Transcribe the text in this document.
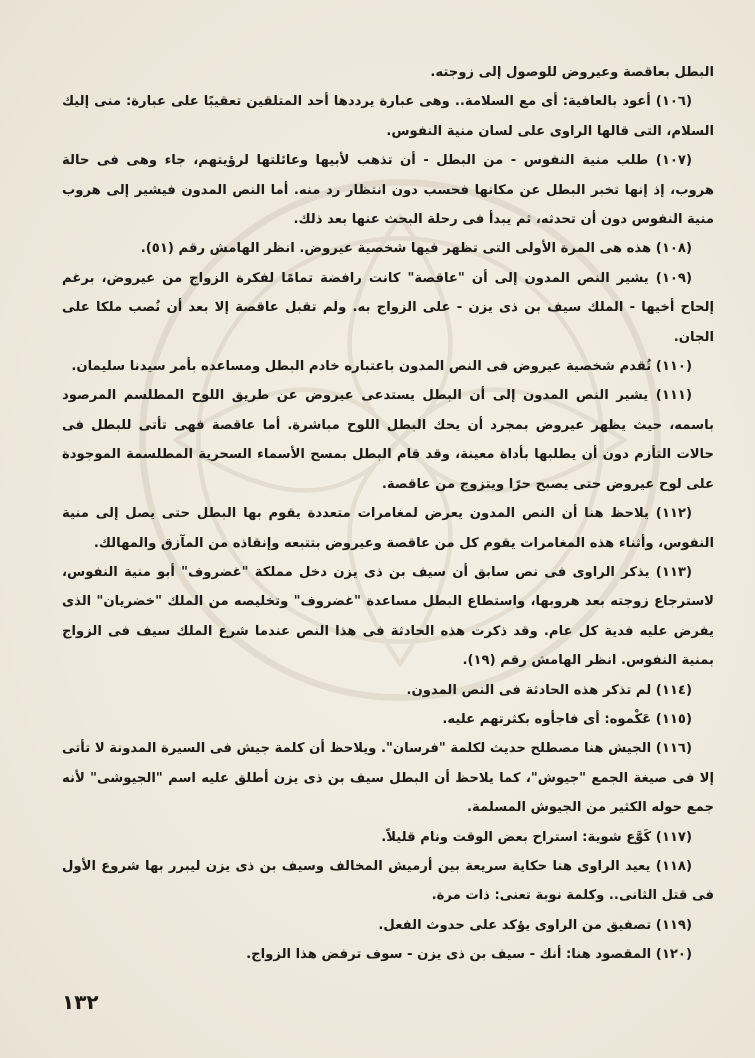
البطل بعاقصة وعيروض للوصول إلى زوجته.

(١٠٦) أعود بالعافية: أى مع السلامة.. وهى عبارة يرددها أحد المتلقين تعقيبًا على عبارة: منى إليك السلام، التى قالها الراوى على لسان منية النفوس.

(١٠٧) طلب منية النفوس - من البطل - أن تذهب لأبيها وعائلتها لرؤيتهم، جاء وهى فى حالة هروب، إذ إنها تخبر البطل عن مكانها فحسب دون انتظار رد منه. أما النص المدون فيشير إلى هروب منية النفوس دون أن تحدثه، ثم يبدأ فى رحلة البحث عنها بعد ذلك.

(١٠٨) هذه هى المرة الأولى التى تظهر فيها شخصية عيروض. انظر الهامش رقم (٥١).

(١٠٩) يشير النص المدون إلى أن "عاقصة" كانت رافضة تمامًا لفكرة الزواج من عيروض، برغم إلحاح أخيها - الملك سيف بن ذى يزن - على الزواج به. ولم تقبل عاقصة إلا بعد أن نُصب ملكا على الجان.

(١١٠) تُقدم شخصية عيروض فى النص المدون باعتباره خادم البطل ومساعده بأمر سيدنا سليمان.

(١١١) يشير النص المدون إلى أن البطل يستدعى عيروض عن طريق اللوح المطلسم المرصود باسمه، حيث يظهر عيروض بمجرد أن يحك البطل اللوح مباشرة. أما عاقصة فهى تأتى للبطل فى حالات التأزم دون أن يطلبها بأداة معينة، وقد قام البطل بمسح الأسماء السحرية المطلسمة الموجودة على لوح عيروض حتى يصبح حرًا ويتزوج من عاقصة.

(١١٢) يلاحظ هنا أن النص المدون يعرض لمغامرات متعددة يقوم بها البطل حتى يصل إلى منية النفوس، وأثناء هذه المغامرات يقوم كل من عاقصة وعيروض بتتبعه وإنقاذه من المآزق والمهالك.

(١١٣) يذكر الراوى فى نص سابق أن سيف بن ذى يزن دخل مملكة "غضروف" أبو منية النفوس، لاسترجاع زوجته بعد هروبها، واستطاع البطل مساعدة "غضروف" وتخليصه من الملك "خضريان" الذى يفرض عليه فدية كل عام. وقد ذكرت هذه الحادثة فى هذا النص عندما شرع الملك سيف فى الزواج بمنية النفوس. انظر الهامش رقم (١٩).

(١١٤) لم تذكر هذه الحادثة فى النص المدون.

(١١٥) عَكْموه: أى فاجأوه بكثرتهم عليه.

(١١٦) الجيش هنا مصطلح حديث لكلمة "فرسان". ويلاحظ أن كلمة جيش فى السيرة المدونة لا تأتى إلا فى صيغة الجمع "جيوش"، كما يلاحظ أن البطل سيف بن ذى يزن أطلق عليه اسم "الجيوشى" لأنه جمع حوله الكثير من الجيوش المسلمة.

(١١٧) كَوَّع شوية: استراح بعض الوقت ونام قليلاً.

(١١٨) يعيد الراوى هنا حكاية سريعة بين أرميش المخالف وسيف بن ذى يزن ليبرر بها شروع الأول فى قتل الثانى.. وكلمة نوبة تعنى: ذات مرة.

(١١٩) تصفيق من الراوى يؤكد على حدوث الفعل.

(١٢٠) المقصود هنا: أنك - سيف بن ذى يزن - سوف ترفض هذا الزواج.

١٣٢
